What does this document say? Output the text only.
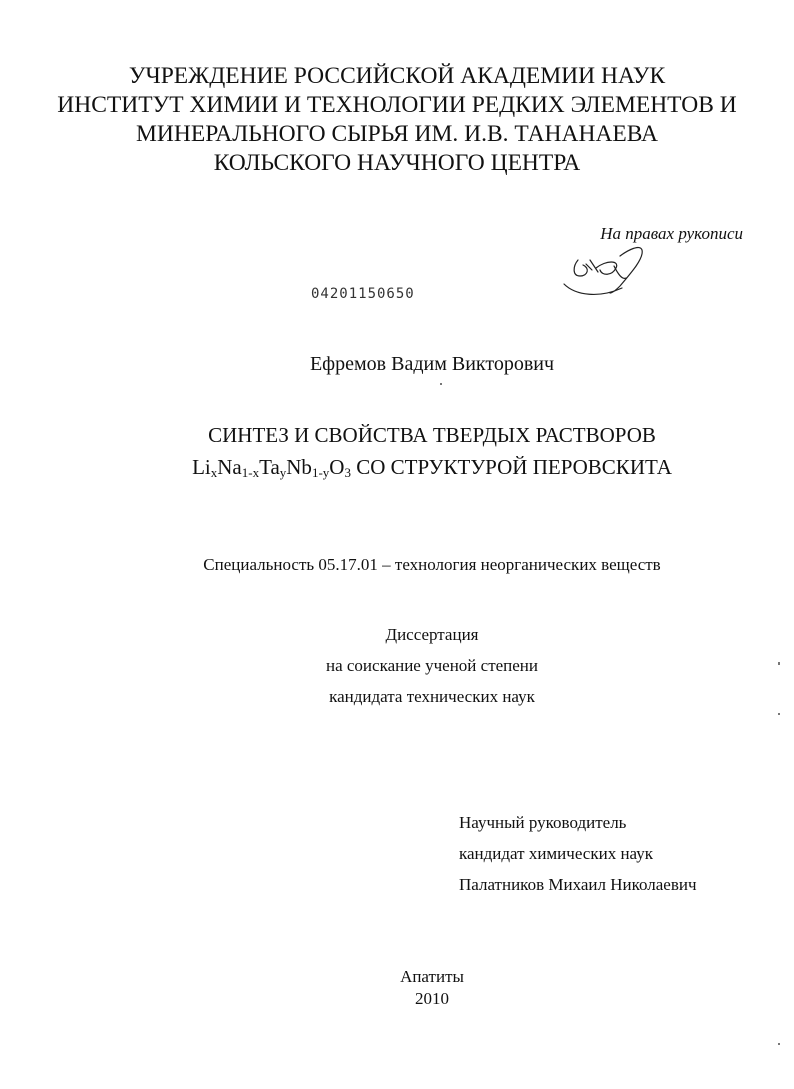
УЧРЕЖДЕНИЕ РОССИЙСКОЙ АКАДЕМИИ НАУК
ИНСТИТУТ ХИМИИ И ТЕХНОЛОГИИ РЕДКИХ ЭЛЕМЕНТОВ И
МИНЕРАЛЬНОГО СЫРЬЯ ИМ. И.В. ТАНАНАЕВА
КОЛЬСКОГО НАУЧНОГО ЦЕНТРА
На правах рукописи
04201150650
Ефремов Вадим Викторович
СИНТЕЗ И СВОЙСТВА ТВЕРДЫХ РАСТВОРОВ
$Li_xNa_{1-x}Ta_yNb_{1-y}O_3$ СО СТРУКТУРОЙ ПЕРОВСКИТА
Специальность 05.17.01 – технология неорганических веществ
Диссертация
на соискание ученой степени
кандидата технических наук
Научный руководитель
кандидат химических наук
Палатников Михаил Николаевич
Апатиты
2010
